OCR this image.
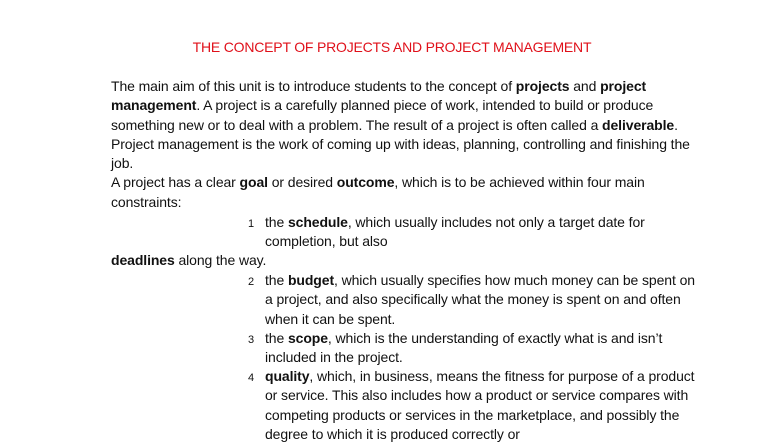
THE CONCEPT OF PROJECTS AND PROJECT MANAGEMENT

The main aim of this unit is to introduce students to the concept of projects and project management. A project is a carefully planned piece of work, intended to build or produce something new or to deal with a problem. The result of a project is often called a deliverable. Project management is the work of coming up with ideas, planning, controlling and finishing the job.

A project has a clear goal or desired outcome, which is to be achieved within four main constraints:

1 the schedule, which usually includes not only a target date for completion, but also
deadlines along the way.
2 the budget, which usually specifies how much money can be spent on a project, and also specifically what the money is spent on and often when it can be spent.
3 the scope, which is the understanding of exactly what is and isn’t included in the project.
4 quality, which, in business, means the fitness for purpose of a product or service. This also includes how a product or service compares with competing products or services in the marketplace, and possibly the degree to which it is produced correctly or
